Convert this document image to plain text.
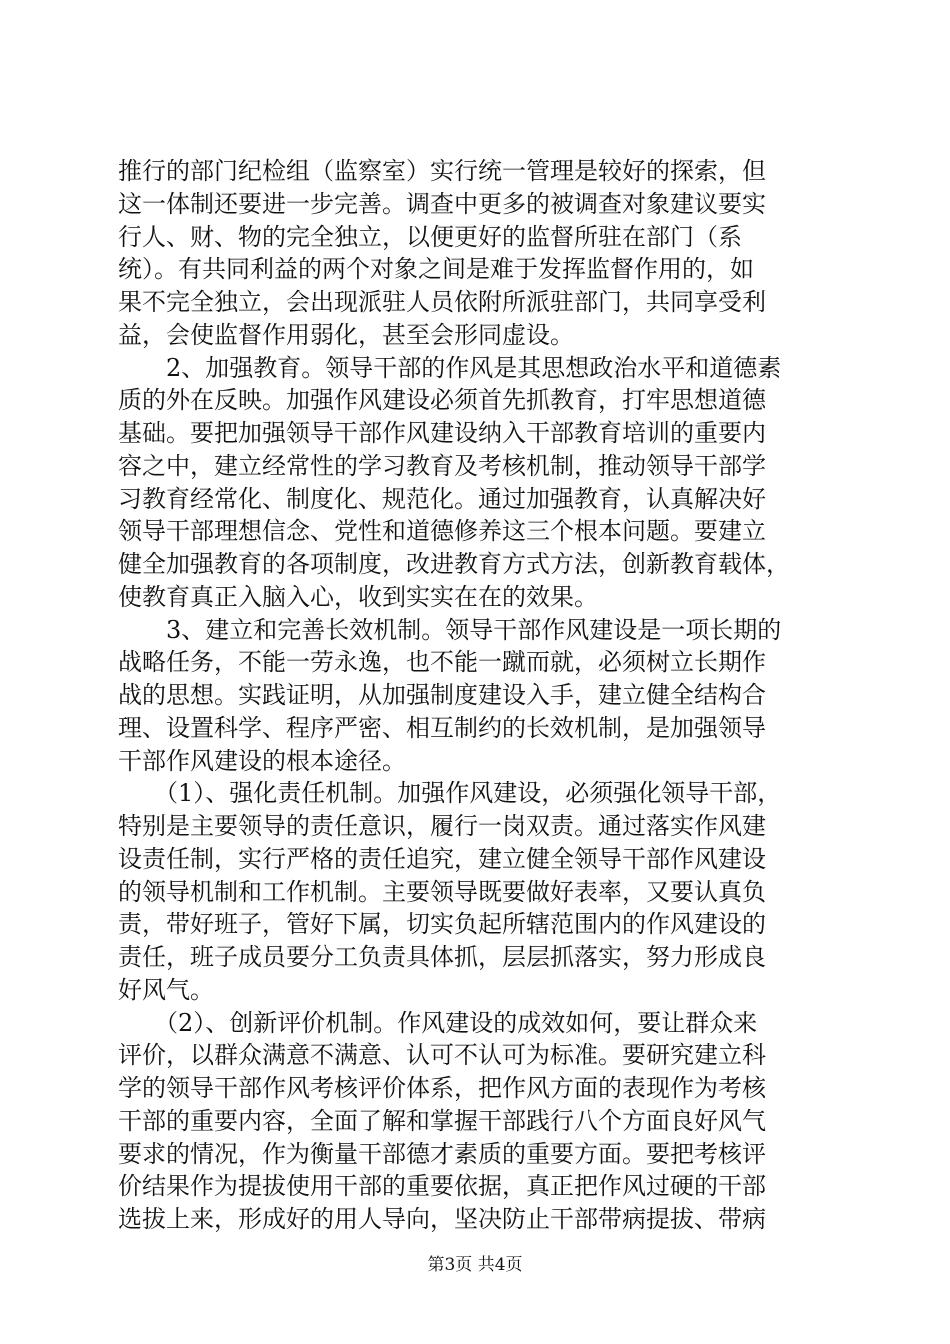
推行的部门纪检组（监察室）实行统一管理是较好的探索，但
这一体制还要进一步完善。调查中更多的被调查对象建议要实
行人、财、物的完全独立，以便更好的监督所驻在部门（系
统）。有共同利益的两个对象之间是难于发挥监督作用的，如
果不完全独立，会出现派驻人员依附所派驻部门，共同享受利
益，会使监督作用弱化，甚至会形同虚设。
　　2、加强教育。领导干部的作风是其思想政治水平和道德素
质的外在反映。加强作风建设必须首先抓教育，打牢思想道德
基础。要把加强领导干部作风建设纳入干部教育培训的重要内
容之中，建立经常性的学习教育及考核机制，推动领导干部学
习教育经常化、制度化、规范化。通过加强教育，认真解决好
领导干部理想信念、党性和道德修养这三个根本问题。要建立
健全加强教育的各项制度，改进教育方式方法，创新教育载体，
使教育真正入脑入心，收到实实在在的效果。
　　3、建立和完善长效机制。领导干部作风建设是一项长期的
战略任务，不能一劳永逸，也不能一蹴而就，必须树立长期作
战的思想。实践证明，从加强制度建设入手，建立健全结构合
理、设置科学、程序严密、相互制约的长效机制，是加强领导
干部作风建设的根本途径。
　　（1）、强化责任机制。加强作风建设，必须强化领导干部，
特别是主要领导的责任意识，履行一岗双责。通过落实作风建
设责任制，实行严格的责任追究，建立健全领导干部作风建设
的领导机制和工作机制。主要领导既要做好表率，又要认真负
责，带好班子，管好下属，切实负起所辖范围内的作风建设的
责任，班子成员要分工负责具体抓，层层抓落实，努力形成良
好风气。
　　（2）、创新评价机制。作风建设的成效如何，要让群众来
评价，以群众满意不满意、认可不认可为标准。要研究建立科
学的领导干部作风考核评价体系，把作风方面的表现作为考核
干部的重要内容，全面了解和掌握干部践行八个方面良好风气
要求的情况，作为衡量干部德才素质的重要方面。要把考核评
价结果作为提拔使用干部的重要依据，真正把作风过硬的干部
选拔上来，形成好的用人导向，坚决防止干部带病提拔、带病
第3页 共4页
